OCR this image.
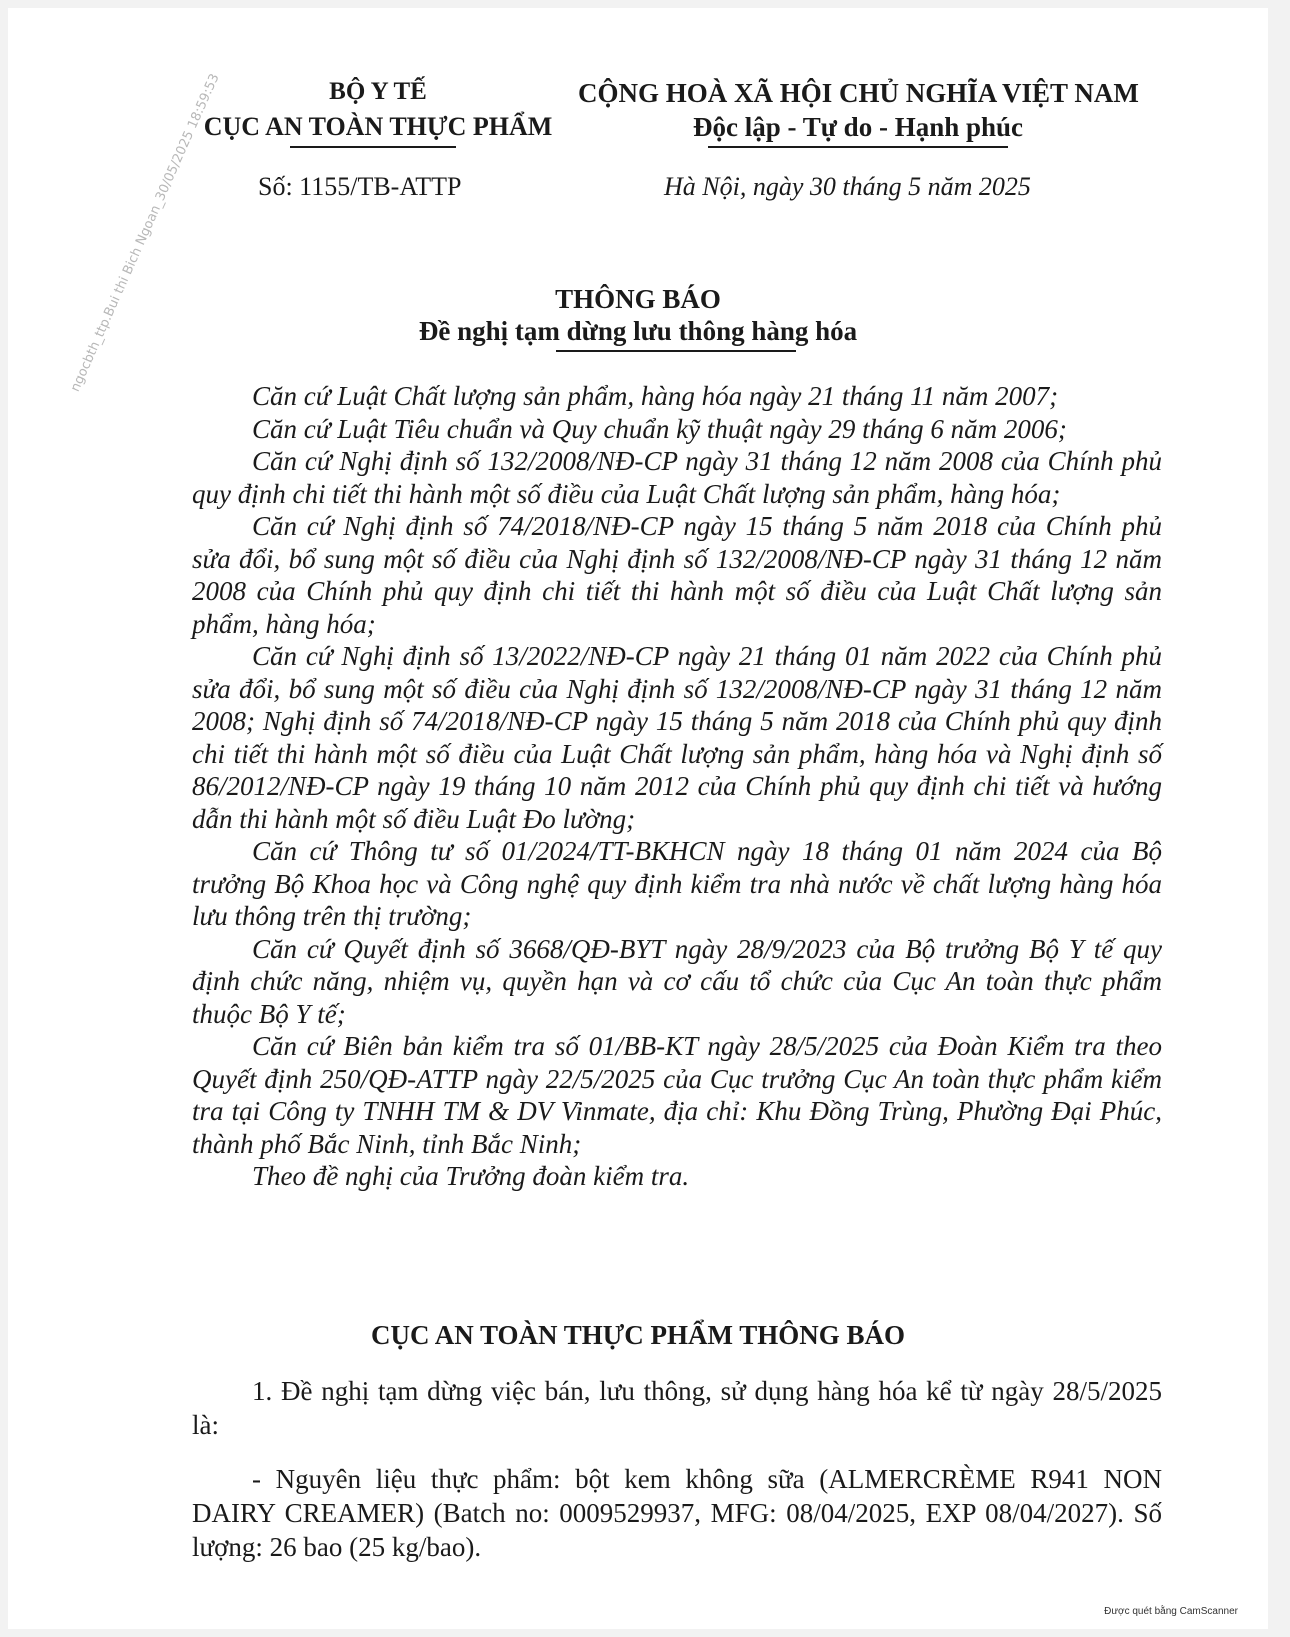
BỘ Y TẾ
CỤC AN TOÀN THỰC PHẨM
CỘNG HOÀ XÃ HỘI CHỦ NGHĨA VIỆT NAM
Độc lập - Tự do - Hạnh phúc
Số: 1155/TB-ATTP	Hà Nội, ngày 30 tháng 5 năm 2025
ngocbth_ttp.Bui thi Bich Ngoan_30/05/2025 18:59:53	THÔNG BÁO
Đề nghị tạm dừng lưu thông hàng hóa

Căn cứ Luật Chất lượng sản phẩm, hàng hóa ngày 21 tháng 11 năm 2007;

Căn cứ Luật Tiêu chuẩn và Quy chuẩn kỹ thuật ngày 29 tháng 6 năm 2006;

Căn cứ Nghị định số 132/2008/NĐ-CP ngày 31 tháng 12 năm 2008 của Chính phủ quy định chi tiết thi hành một số điều của Luật Chất lượng sản phẩm, hàng hóa;

Căn cứ Nghị định số 74/2018/NĐ-CP ngày 15 tháng 5 năm 2018 của Chính phủ sửa đổi, bổ sung một số điều của Nghị định số 132/2008/NĐ-CP ngày 31 tháng 12 năm 2008 của Chính phủ quy định chi tiết thi hành một số điều của Luật Chất lượng sản phẩm, hàng hóa;

Căn cứ Nghị định số 13/2022/NĐ-CP ngày 21 tháng 01 năm 2022 của Chính phủ sửa đổi, bổ sung một số điều của Nghị định số 132/2008/NĐ-CP ngày 31 tháng 12 năm 2008; Nghị định số 74/2018/NĐ-CP ngày 15 tháng 5 năm 2018 của Chính phủ quy định chi tiết thi hành một số điều của Luật Chất lượng sản phẩm, hàng hóa và Nghị định số 86/2012/NĐ-CP ngày 19 tháng 10 năm 2012 của Chính phủ quy định chi tiết và hướng dẫn thi hành một số điều Luật Đo lường;

Căn cứ Thông tư số 01/2024/TT-BKHCN ngày 18 tháng 01 năm 2024 của Bộ trưởng Bộ Khoa học và Công nghệ quy định kiểm tra nhà nước về chất lượng hàng hóa lưu thông trên thị trường;

Căn cứ Quyết định số 3668/QĐ-BYT ngày 28/9/2023 của Bộ trưởng Bộ Y tế quy định chức năng, nhiệm vụ, quyền hạn và cơ cấu tổ chức của Cục An toàn thực phẩm thuộc Bộ Y tế;

Căn cứ Biên bản kiểm tra số 01/BB-KT ngày 28/5/2025 của Đoàn Kiểm tra theo Quyết định 250/QĐ-ATTP ngày 22/5/2025 của Cục trưởng Cục An toàn thực phẩm kiểm tra tại Công ty TNHH TM & DV Vinmate, địa chỉ: Khu Đồng Trùng, Phường Đại Phúc, thành phố Bắc Ninh, tỉnh Bắc Ninh;

Theo đề nghị của Trưởng đoàn kiểm tra.

CỤC AN TOÀN THỰC PHẨM THÔNG BÁO

1. Đề nghị tạm dừng việc bán, lưu thông, sử dụng hàng hóa kể từ ngày 28/5/2025 là:

- Nguyên liệu thực phẩm: bột kem không sữa (ALMERCRÈME R941 NON DAIRY CREAMER) (Batch no: 0009529937, MFG: 08/04/2025, EXP 08/04/2027). Số lượng: 26 bao (25 kg/bao).

Được quét bằng CamScanner
